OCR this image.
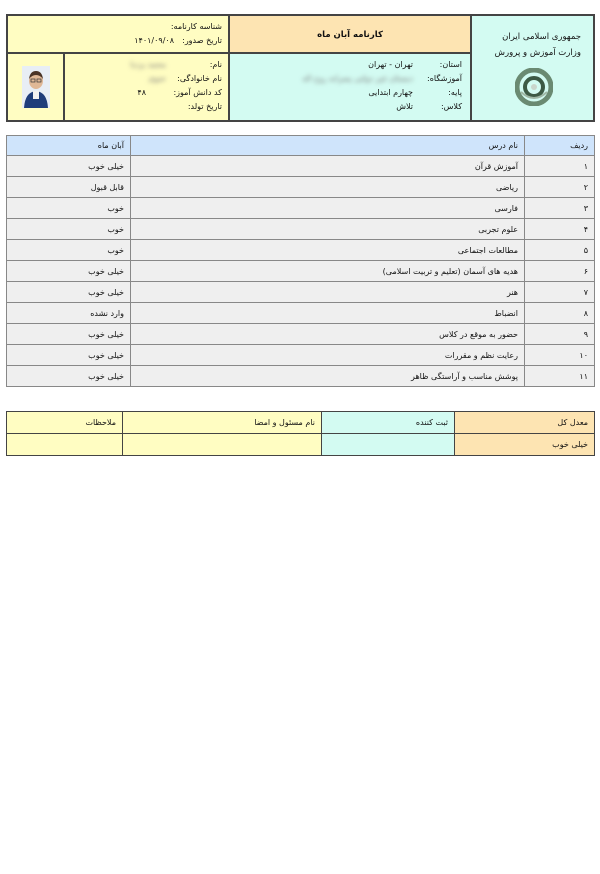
جمهوری اسلامی ایران
وزارت آموزش و پرورش
کارنامه آبان ماه
استان:
تهران - تهران
آموزشگاه:
دبستان غیر دولتی پسرانه روح اله
پایه:
چهارم ابتدایی
کلاس:
تلاش
شناسه کارنامه:
تاریخ صدور:
۱۴۰۱/۰۹/۰۸
نام:
محمد یزدیا
نام خانوادگی:
حنوی
کد دانش آموز:
۴۸
تاریخ تولد:
ردیف	نام درس	آبان ماه
۱	آموزش قرآن	خیلی خوب
۲	ریاضی	قابل قبول
۳	فارسی	خوب
۴	علوم تجربی	خوب
۵	مطالعات اجتماعی	خوب
۶	هدیه های آسمان (تعلیم و تربیت اسلامی)	خیلی خوب
۷	هنر	خیلی خوب
۸	انضباط	وارد نشده
۹	حضور به موقع در کلاس	خیلی خوب
۱۰	رعایت نظم و مقررات	خیلی خوب
۱۱	پوشش مناسب و آراستگی ظاهر	خیلی خوب
معدل کل	ثبت کننده	نام مسئول و امضا	ملاحظات
خیلی خوب			
